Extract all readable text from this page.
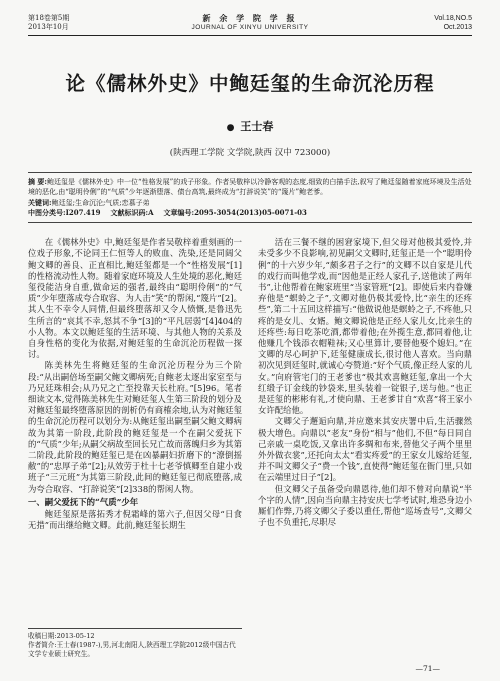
第18卷第5期
2013年10月
新 余 学 院 学 报
JOURNAL OF XINYU UNIVERSITY
Vol.18,NO.5
Oct.2013
论《儒林外史》中鲍廷玺的生命沉沦历程
● 王士春
(陕西理工学院 文学院,陕西 汉中 723000)

摘 要:鲍廷玺是《儒林外史》中一位“性格发展”的戏子形象。作者吴敬梓以冷静客观的态度,细致的白描手法,叙写了鲍廷玺随着家庭环境及生活处境的恶化,由“聪明伶俐”的“气质”少年逐渐堕落、债台高筑,最终成为“打辞说笑”的“篾片”鲍老爹。

关键词:鲍廷玺;生命沉沦;气质;恋慕子弟

中图分类号:I207.419 文献标识码:A 文章编号:2095-3054(2013)05-0071-03

在《儒林外史》中,鲍廷玺是作者吴敬梓着重刻画的一位戏子形象,不论同王仁恒等人的败血、洗染,还是同阔父鲍文卿的善良、正直相比,鲍廷玺都是一个“性格发展”[1]的性格流动性人物。随着家庭环境及人生处境的恶化,鲍廷玺役能洁身自重,做命运的强者,最终由“聪明伶俐”的“气质”少年堕落成夸合取容、为人击“笑”的帮闲,“篾片”[2]。其人生不幸令人同情,但最终堕落却又令人愤慨,是鲁迅先生所言的“哀其不幸,怒其不争”[3]的“平凡居弱”[4]404的小人物。本文以鲍廷玺的生活环境、与其他人物的关系及自身性格的变化为依据,对鲍廷玺的生命沉沦历程做一探讨。

陈美林先生将鲍廷玺的生命沉沦历程分为三个阶段:“从出嗣倍场至嗣父鲍文卿病死;自鲍老太逐出家室至与乃兄廷珠相会;从乃兄之亡至投靠天长杜府。”[5]96。笔者细读文本,觉得陈美林先生对鲍廷玺人生第三阶段的划分及对鲍廷玺最终堕落原因的剖析仍有商榷余地,认为对鲍廷玺的生命沉沦历程可以划分为:从鲍廷玺出嗣至嗣父鲍文卿病故为其第一阶段,此阶段的鲍廷玺是一个在嗣父爱抚下的“气质”少年;从嗣父病故至回长兄亡故而落魄归乡为其第二阶段,此阶段的鲍廷玺已是在凶暴嗣妇折磨下的“潦倒摇敝”的“忠厚子弟”[2];从效劳于杜十七老爷慎卿至自建小戏班子“三元班”为其第三阶段,此间的鲍廷玺已彻底堕落,成为夸合取容、“打辞说笑”[2]338的帮闲人物。

一、嗣父爱抚下的“气质”少年

鲍廷玺原是落拓秀才倪霜峰的第六子,但因父母“日食无措”而出继给鲍文卿。此前,鲍廷玺长期生

活在三餐不继的困窘家境下,但父母对他极其爱怜,并未受多少不良影响,初见嗣父文卿时,廷玺正是一个“聪明伶俐”的十六岁少年,“颇多君子之行”的文卿不以自家是儿代的戏行而叫他学戏,而“因他是正经人家孔子,送他读了两年书”,让他帮着在鲍家班里“当家管班”[2]。即使后来内眷嫌弃他是“螟蛉之子”,文卿对他仍极其爱怜,比“亲生的还疼些”,第二十五回这样描写:“他做说他是螟蛉之子,不疼他,只疼的是女儿、女婿。鲍文卿说他是正经人家儿女,比亲生的还疼些:每日吃茶吃酒,都带着他;在外揽生意,都同着他,让他赚几个钱添衣帽鞋袜;又心里算计,要替他娶个媳妇。”在文卿的尽心呵护下,廷玺健康成长,很讨他人喜欢。当向鼎初次见到廷玺时,就诚心夸赞道:“好个气质,像正经人家的儿女。”向府管宅门的王老爹也“极其欢喜鲍廷玺,拿出一个大红缎子订金线的钞袋来,里头装着一锭银子,送与他。”也正是廷玺的彬彬有礼,才使向鼎、王老爹甘自“欢喜”将王家小女许配给他。

文卿父子邂逅向鼎,并应邀来其安庆署中后,生活骤然极大增色。向鼎以“老友”身份“相与”他们,不但“每日同自己亲戚一桌吃饭,又拿出许多绸和布来,替他父子两个里里外外做衣裳”,还托向太太“看实疼爱”的王家女儿嫁给廷玺,并不叫文卿父子“费一个钱”,直使得“鲍廷玺在衙门里,只如在云端里过日子”[2]。

但文卿父子虽备受向鼎恩待,他们却不曾对向鼎说“半个字的人情”,因向当向鼎主持安庆七学考试时,堆恐身边小厮们作弊,乃将文卿父子委以重任,帮他“巡场查号”,文卿父子也不负重托,尽职尽

收稿日期:2013-05-12

作者简介:王士春(1987-),男,河北南阳人,陕西理工学院2012级中国古代文学专业硕士研究生。

—71—
